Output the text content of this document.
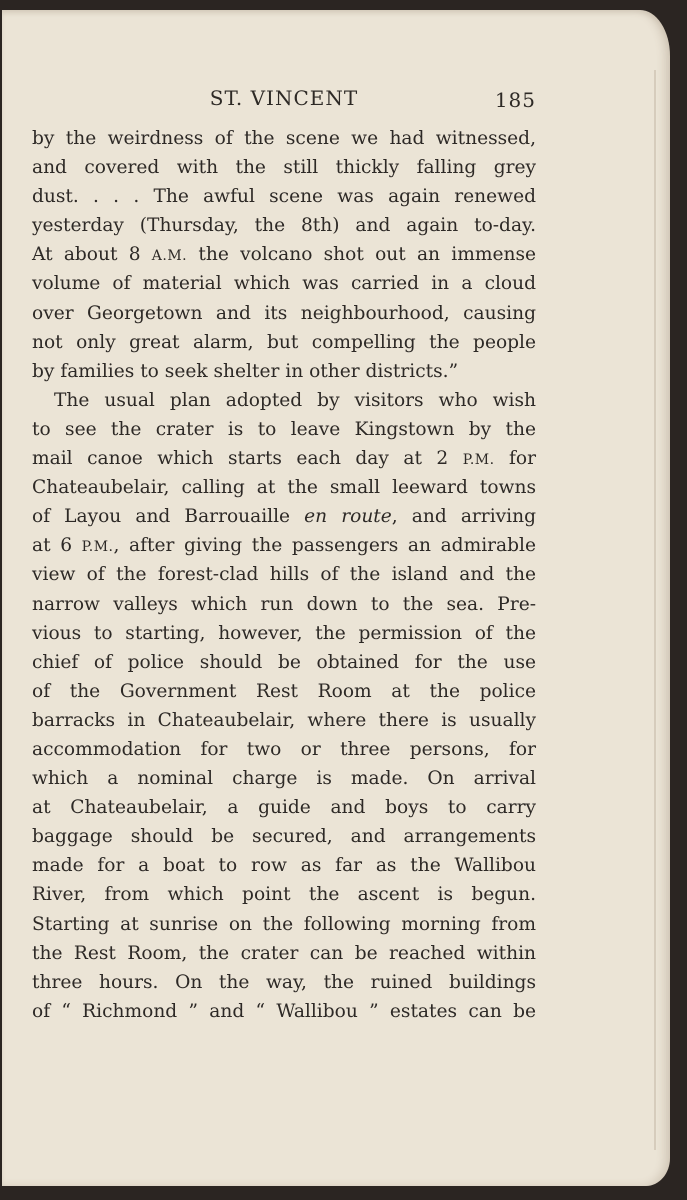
ST. VINCENT	185
by the weirdness of the scene we had witnessed,
and covered with the still thickly falling grey
dust. . . . The awful scene was again renewed
yesterday (Thursday, the 8th) and again to-day.
At about 8 A.M. the volcano shot out an immense
volume of material which was carried in a cloud
over Georgetown and its neighbourhood, causing
not only great alarm, but compelling the people
by families to seek shelter in other districts.”
The usual plan adopted by visitors who wish
to see the crater is to leave Kingstown by the
mail canoe which starts each day at 2 P.M. for
Chateaubelair, calling at the small leeward towns
of Layou and Barrouaille en route, and arriving
at 6 P.M., after giving the passengers an admirable
view of the forest-clad hills of the island and the
narrow valleys which run down to the sea. Pre-
vious to starting, however, the permission of the
chief of police should be obtained for the use
of the Government Rest Room at the police
barracks in Chateaubelair, where there is usually
accommodation for two or three persons, for
which a nominal charge is made. On arrival
at Chateaubelair, a guide and boys to carry
baggage should be secured, and arrangements
made for a boat to row as far as the Wallibou
River, from which point the ascent is begun.
Starting at sunrise on the following morning from
the Rest Room, the crater can be reached within
three hours. On the way, the ruined buildings
of “ Richmond ” and “ Wallibou ” estates can be
